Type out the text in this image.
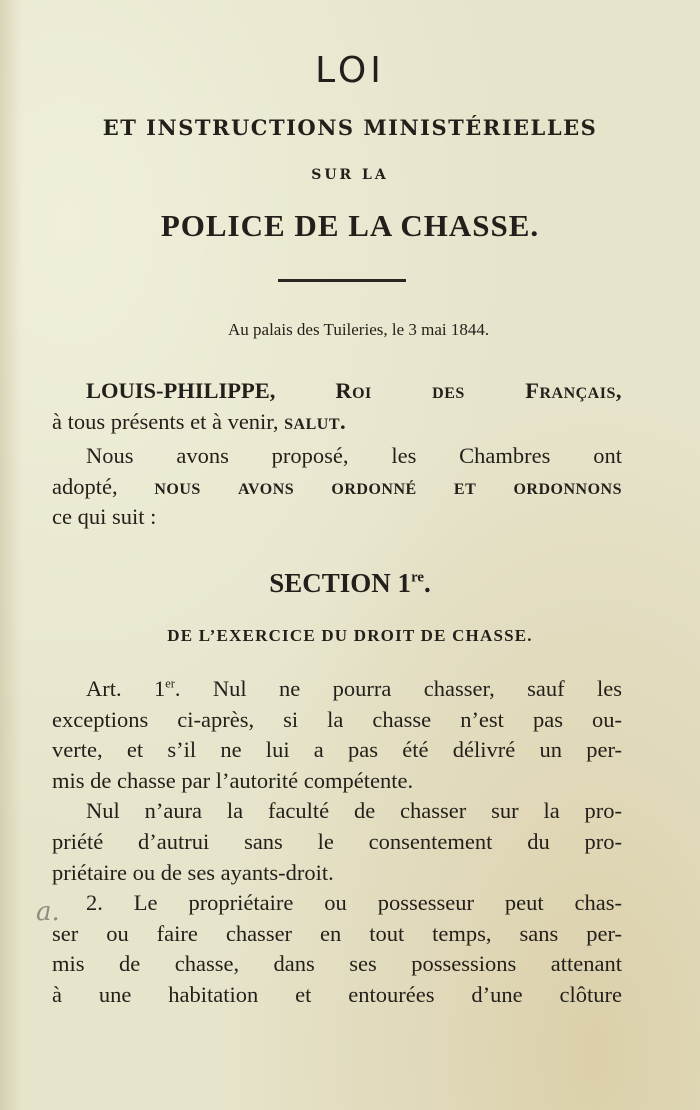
LOI
ET INSTRUCTIONS MINISTÉRIELLES
SUR LA
POLICE DE LA CHASSE.
Au palais des Tuileries, le 3 mai 1844.
LOUIS-PHILIPPE,	Roi des Français,
à tous présents et à venir, salut.
Nous avons proposé, les Chambres ont
adopté, nous avons ordonné et ordonnons
ce qui suit :
SECTION 1re.
DE L’EXERCICE DU DROIT DE CHASSE.
Art. 1er. Nul ne pourra chasser, sauf les
exceptions ci-après, si la chasse n’est pas ou-
verte, et s’il ne lui a pas été délivré un per-
mis de chasse par l’autorité compétente.
Nul n’aura la faculté de chasser sur la pro-
priété d’autrui sans le consentement du pro-
priétaire ou de ses ayants-droit.
2. Le propriétaire ou possesseur peut chas-
ser ou faire chasser en tout temps, sans per-
mis de chasse, dans ses possessions attenant
à une habitation et entourées d’une clôture
a.
